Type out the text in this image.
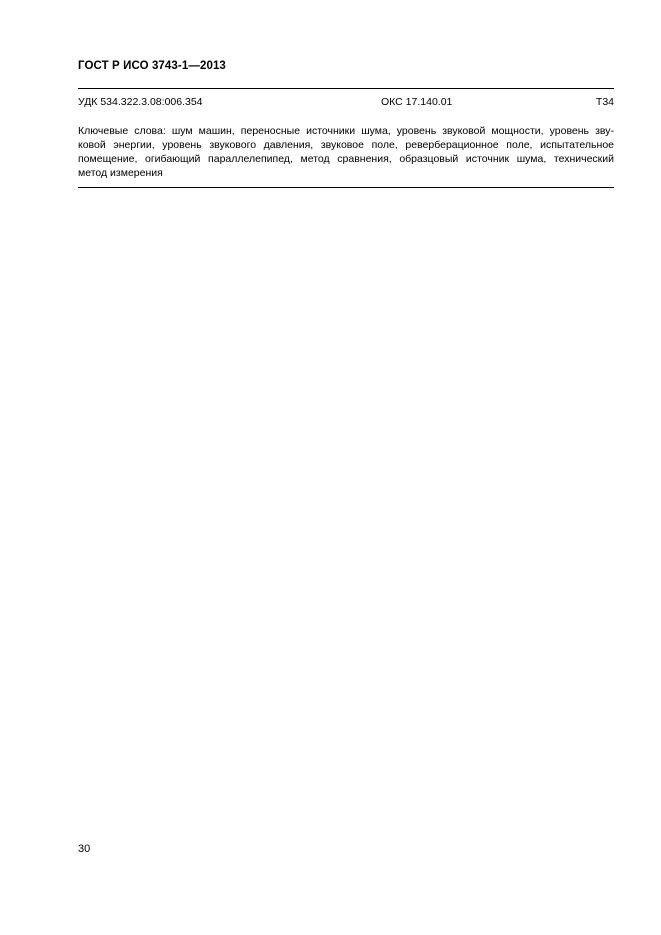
ГОСТ Р ИСО 3743-1—2013
УДК 534.322.3.08:006.354	ОКС 17.140.01	Т34
Ключевые слова: шум машин, переносные источники шума, уровень звуковой мощности, уровень зву-
ковой энергии, уровень звукового давления, звуковое поле, реверберационное поле, испытательное
помещение, огибающий параллелепипед, метод сравнения, образцовый источник шума, технический
метод измерения
30
